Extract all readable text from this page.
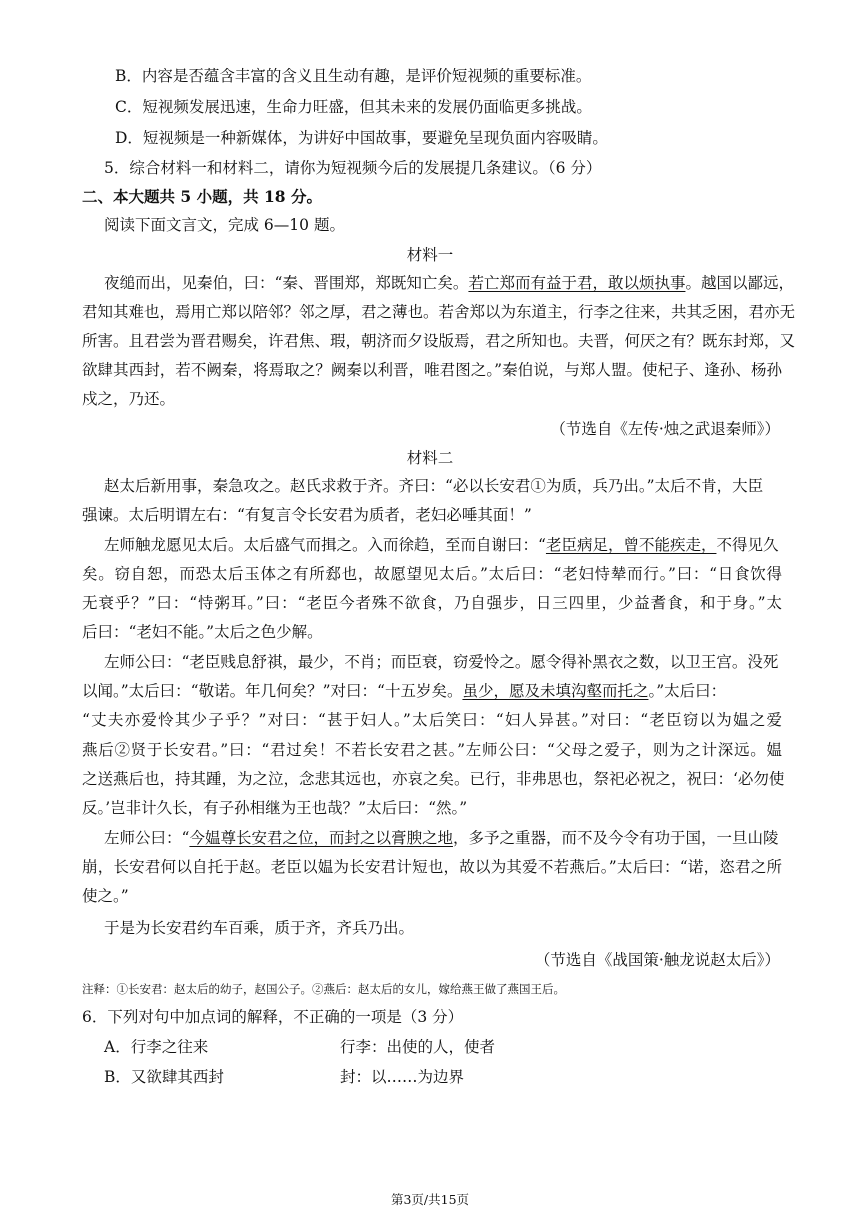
B．内容是否蕴含丰富的含义且生动有趣，是评价短视频的重要标准。
C．短视频发展迅速，生命力旺盛，但其未来的发展仍面临更多挑战。
D．短视频是一种新媒体，为讲好中国故事，要避免呈现负面内容吸睛。
5．综合材料一和材料二，请你为短视频今后的发展提几条建议。（6 分）
二、本大题共 5 小题，共 18 分。
阅读下面文言文，完成 6—10 题。
材料一
夜缒而出，见秦伯，曰：“秦、晋围郑，郑既知亡矣。若亡郑而有益于君，敢以烦执事。越国以鄙远，
君知其难也，焉用亡郑以陪邻？邻之厚，君之薄也。若舍郑以为东道主，行李之往来，共其乏困，君亦无
所害。且君尝为晋君赐矣，许君焦、瑕，朝济而夕设版焉，君之所知也。夫晋，何厌之有？既东封郑，又
欲肆其西封，若不阙秦，将焉取之？阙秦以利晋，唯君图之。”秦伯说，与郑人盟。使杞子、逢孙、杨孙
戍之，乃还。
（节选自《左传·烛之武退秦师》）
材料二
赵太后新用事，秦急攻之。赵氏求救于齐。齐曰：“必以长安君①为质，兵乃出。”太后不肯，大臣
强谏。太后明谓左右：“有复言令长安君为质者，老妇必唾其面！”
左师触龙愿见太后。太后盛气而揖之。入而徐趋，至而自谢曰：“老臣病足，曾不能疾走，不得见久
矣。窃自恕，而恐太后玉体之有所郄也，故愿望见太后。”太后曰：“老妇恃辇而行。”曰：“日食饮得
无衰乎？”曰：“恃粥耳。”曰：“老臣今者殊不欲食，乃自强步，日三四里，少益耆食，和于身。”太
后曰：“老妇不能。”太后之色少解。
左师公曰：“老臣贱息舒祺，最少，不肖；而臣衰，窃爱怜之。愿令得补黑衣之数，以卫王宫。没死
以闻。”太后曰：“敬诺。年几何矣？”对曰：“十五岁矣。虽少，愿及未填沟壑而托之。”太后曰：
“丈夫亦爱怜其少子乎？”对曰：“甚于妇人。”太后笑曰：“妇人异甚。”对曰：“老臣窃以为媪之爱
燕后②贤于长安君。”曰：“君过矣！不若长安君之甚。”左师公曰：“父母之爱子，则为之计深远。媪
之送燕后也，持其踵，为之泣，念悲其远也，亦哀之矣。已行，非弗思也，祭祀必祝之，祝曰：‘必勿使
反。’岂非计久长，有子孙相继为王也哉？”太后曰：“然。”
左师公曰：“今媪尊长安君之位，而封之以膏腴之地，多予之重器，而不及今令有功于国，一旦山陵
崩，长安君何以自托于赵。老臣以媪为长安君计短也，故以为其爱不若燕后。”太后曰：“诺，恣君之所
使之。”
于是为长安君约车百乘，质于齐，齐兵乃出。
（节选自《战国策·触龙说赵太后》）
注释：①长安君：赵太后的幼子，赵国公子。②燕后：赵太后的女儿，嫁给燕王做了燕国王后。
6．下列对句中加点词的解释，不正确的一项是（3 分）
A．行李之往来	行李：出使的人，使者
B．又欲肆其西封	封：以……为边界
第3页/共15页
